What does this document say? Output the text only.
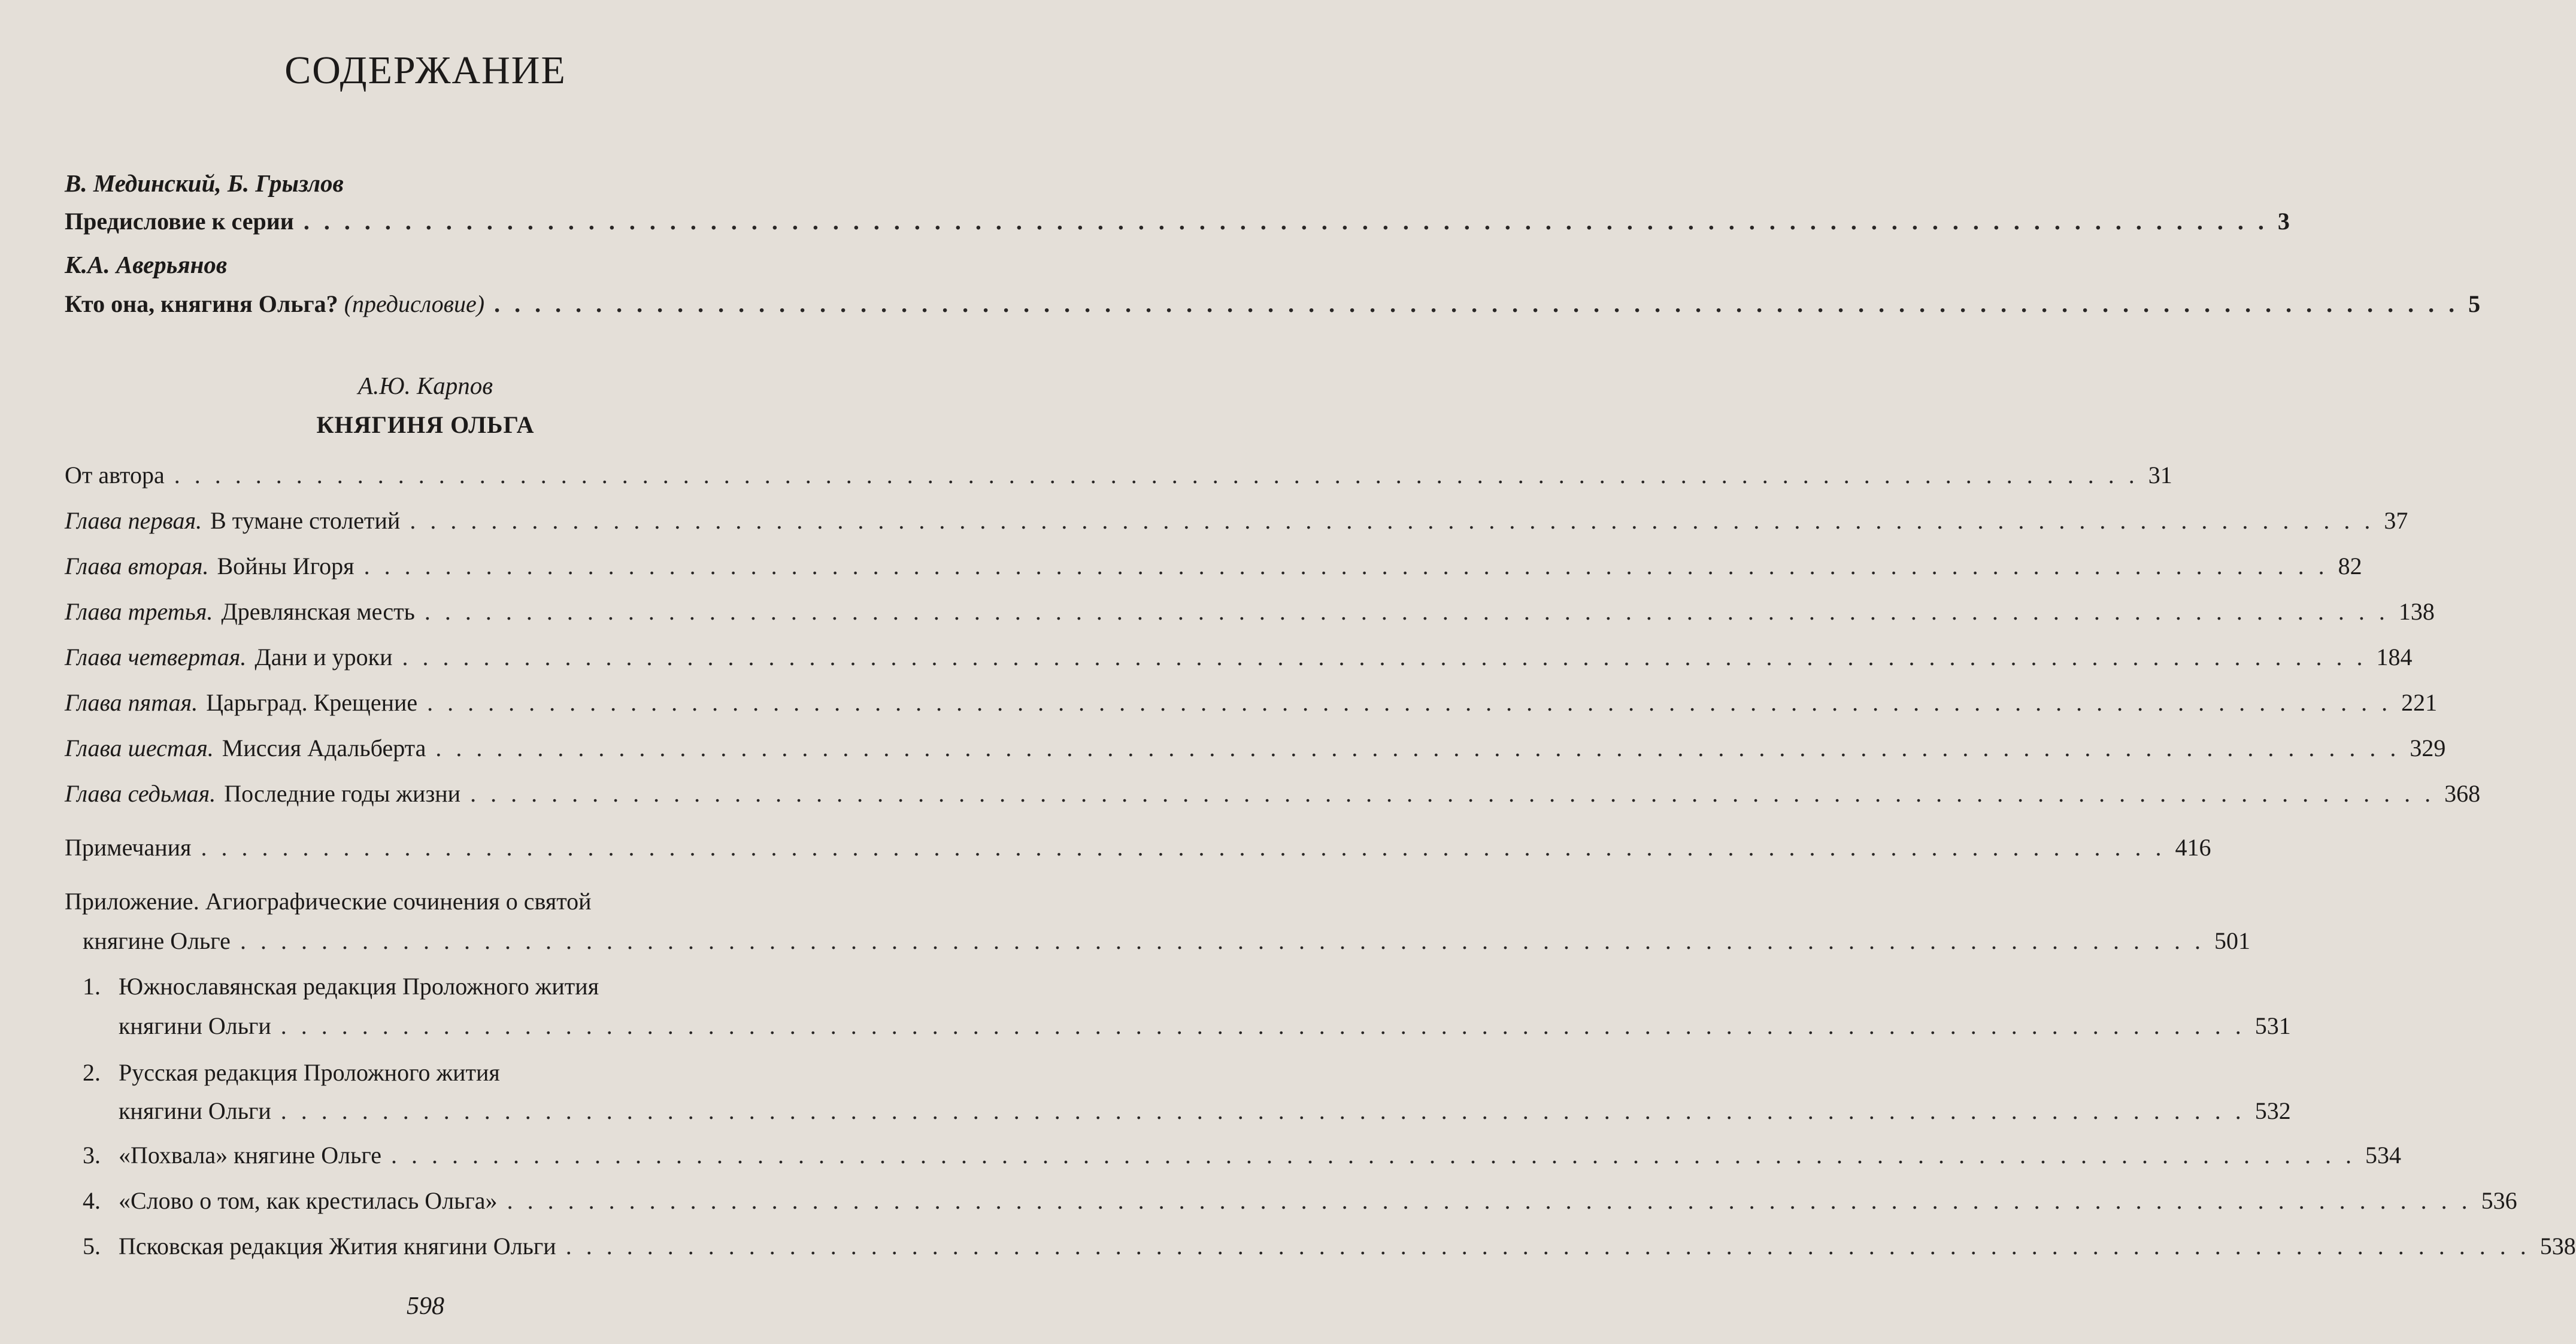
СОДЕРЖАНИЕ
В. Мединский, Б. Грызлов
Предисловие к серии . . . . . . . . . . . . . . . . . . . . . . . . . . . . . . . . . . . . . . . . . . . . . . . . . . . . . . . . . . . . . . . . . . . . . . . . . . . . . . . . . . . . . . . . . . . . . . . . . 3
К.А. Аверьянов
Кто она, княгиня Ольга? (предисловие) . . . . . . . . . . . . . . . . . . . . . . . . . . . . . . . . . . . . . . . . . . . . . . . . . . . . . . . . . . . . . . . . . . . . . . . . . . . . . . . . . . . . . . . . . . . . . . . . . 5
А.Ю. Карпов
КНЯГИНЯ ОЛЬГА
От автора . . . . . . . . . . . . . . . . . . . . . . . . . . . . . . . . . . . . . . . . . . . . . . . . . . . . . . . . . . . . . . . . . . . . . . . . . . . . . . . . . . . . . . . . . . . . . . . . . 31
Глава первая. В тумане столетий . . . . . . . . . . . . . . . . . . . . . . . . . . . . . . . . . . . . . . . . . . . . . . . . . . . . . . . . . . . . . . . . . . . . . . . . . . . . . . . . . . . . . . . . . . . . . . . . . 37
Глава вторая. Войны Игоря . . . . . . . . . . . . . . . . . . . . . . . . . . . . . . . . . . . . . . . . . . . . . . . . . . . . . . . . . . . . . . . . . . . . . . . . . . . . . . . . . . . . . . . . . . . . . . . . . 82
Глава третья. Древлянская месть . . . . . . . . . . . . . . . . . . . . . . . . . . . . . . . . . . . . . . . . . . . . . . . . . . . . . . . . . . . . . . . . . . . . . . . . . . . . . . . . . . . . . . . . . . . . . . . . . 138
Глава четвертая. Дани и уроки . . . . . . . . . . . . . . . . . . . . . . . . . . . . . . . . . . . . . . . . . . . . . . . . . . . . . . . . . . . . . . . . . . . . . . . . . . . . . . . . . . . . . . . . . . . . . . . . . 184
Глава пятая. Царьград. Крещение . . . . . . . . . . . . . . . . . . . . . . . . . . . . . . . . . . . . . . . . . . . . . . . . . . . . . . . . . . . . . . . . . . . . . . . . . . . . . . . . . . . . . . . . . . . . . . . . . 221
Глава шестая. Миссия Адальберта . . . . . . . . . . . . . . . . . . . . . . . . . . . . . . . . . . . . . . . . . . . . . . . . . . . . . . . . . . . . . . . . . . . . . . . . . . . . . . . . . . . . . . . . . . . . . . . . . 329
Глава седьмая. Последние годы жизни . . . . . . . . . . . . . . . . . . . . . . . . . . . . . . . . . . . . . . . . . . . . . . . . . . . . . . . . . . . . . . . . . . . . . . . . . . . . . . . . . . . . . . . . . . . . . . . . . 368
Примечания . . . . . . . . . . . . . . . . . . . . . . . . . . . . . . . . . . . . . . . . . . . . . . . . . . . . . . . . . . . . . . . . . . . . . . . . . . . . . . . . . . . . . . . . . . . . . . . . . 416
Приложение. Агиографические сочинения о святой
княгине Ольге . . . . . . . . . . . . . . . . . . . . . . . . . . . . . . . . . . . . . . . . . . . . . . . . . . . . . . . . . . . . . . . . . . . . . . . . . . . . . . . . . . . . . . . . . . . . . . . . . 501
1. Южнославянская редакция Проложного жития
княгини Ольги . . . . . . . . . . . . . . . . . . . . . . . . . . . . . . . . . . . . . . . . . . . . . . . . . . . . . . . . . . . . . . . . . . . . . . . . . . . . . . . . . . . . . . . . . . . . . . . . . 531
2. Русская редакция Проложного жития
княгини Ольги . . . . . . . . . . . . . . . . . . . . . . . . . . . . . . . . . . . . . . . . . . . . . . . . . . . . . . . . . . . . . . . . . . . . . . . . . . . . . . . . . . . . . . . . . . . . . . . . . 532
3. «Похвала» княгине Ольге . . . . . . . . . . . . . . . . . . . . . . . . . . . . . . . . . . . . . . . . . . . . . . . . . . . . . . . . . . . . . . . . . . . . . . . . . . . . . . . . . . . . . . . . . . . . . . . . . 534
4. «Слово о том, как крестилась Ольга» . . . . . . . . . . . . . . . . . . . . . . . . . . . . . . . . . . . . . . . . . . . . . . . . . . . . . . . . . . . . . . . . . . . . . . . . . . . . . . . . . . . . . . . . . . . . . . . . . 536
5. Псковская редакция Жития княгини Ольги . . . . . . . . . . . . . . . . . . . . . . . . . . . . . . . . . . . . . . . . . . . . . . . . . . . . . . . . . . . . . . . . . . . . . . . . . . . . . . . . . . . . . . . . . . . . . . . . . 538
598
